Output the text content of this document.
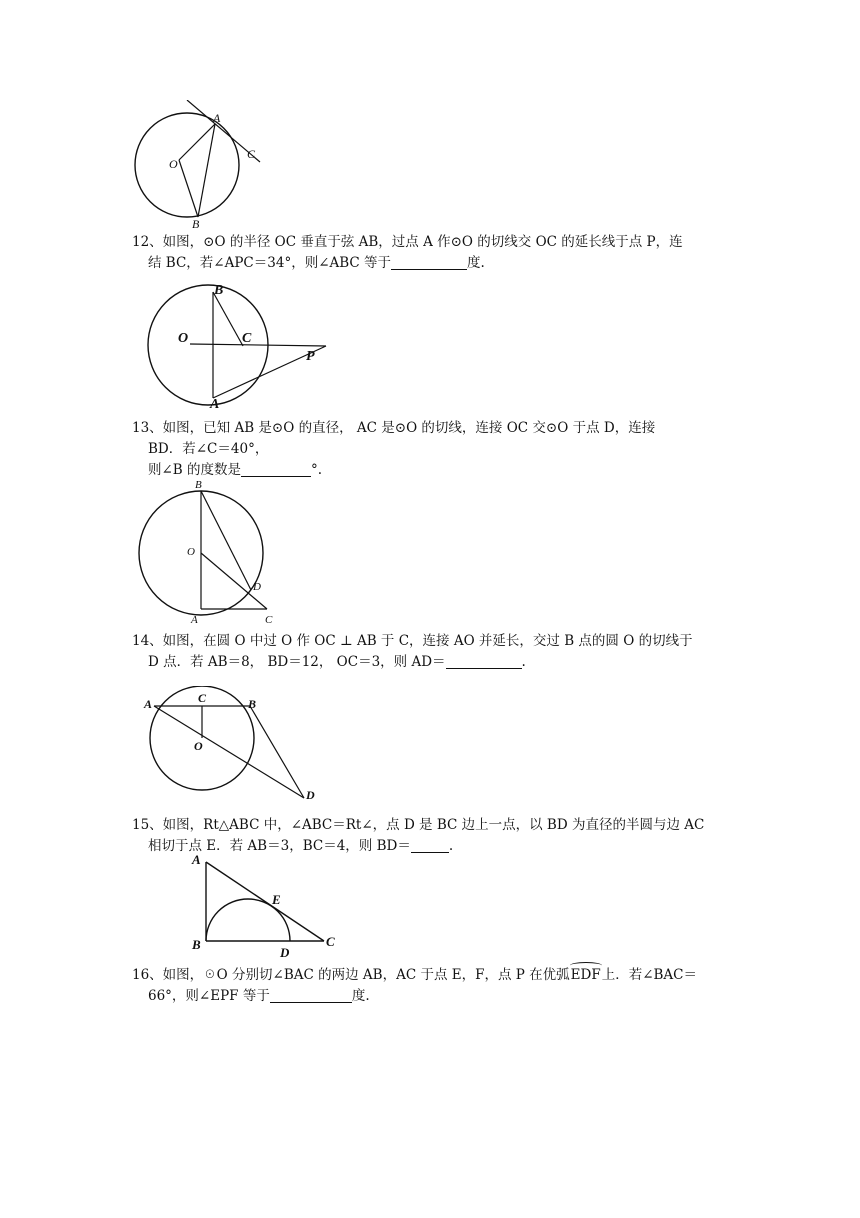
A
O
C
B
12、如图，⊙O 的半径 OC 垂直于弦 AB，过点 A 作⊙O 的切线交 OC 的延长线于点 P，连
结 BC，若∠APC＝34°，则∠ABC 等于	度.
B
O	C
P
A
13、如图，已知 AB 是⊙O 的直径， AC 是⊙O 的切线，连接 OC 交⊙O 于点 D，连接
BD．若∠C＝40°，
则∠B 的度数是	°.
B
O
D
A	C
14、如图，在圆 O 中过 O 作 OC ⊥ AB 于 C，连接 AO 并延长，交过 B 点的圆 O 的切线于
D 点．若 AB＝8， BD＝12， OC＝3，则 AD＝	.
A	C	B
O
D
15、如图，Rt△ABC 中，∠ABC＝Rt∠，点 D 是 BC 边上一点，以 BD 为直径的半圆与边 AC
相切于点 E．若 AB＝3，BC＝4，则 BD＝	.
A
E
B
D
C
16、如图，☉O 分别切∠BAC 的两边 AB，AC 于点 E，F，点 P 在优弧EDF上．若∠BAC＝
66°，则∠EPF 等于	度.
